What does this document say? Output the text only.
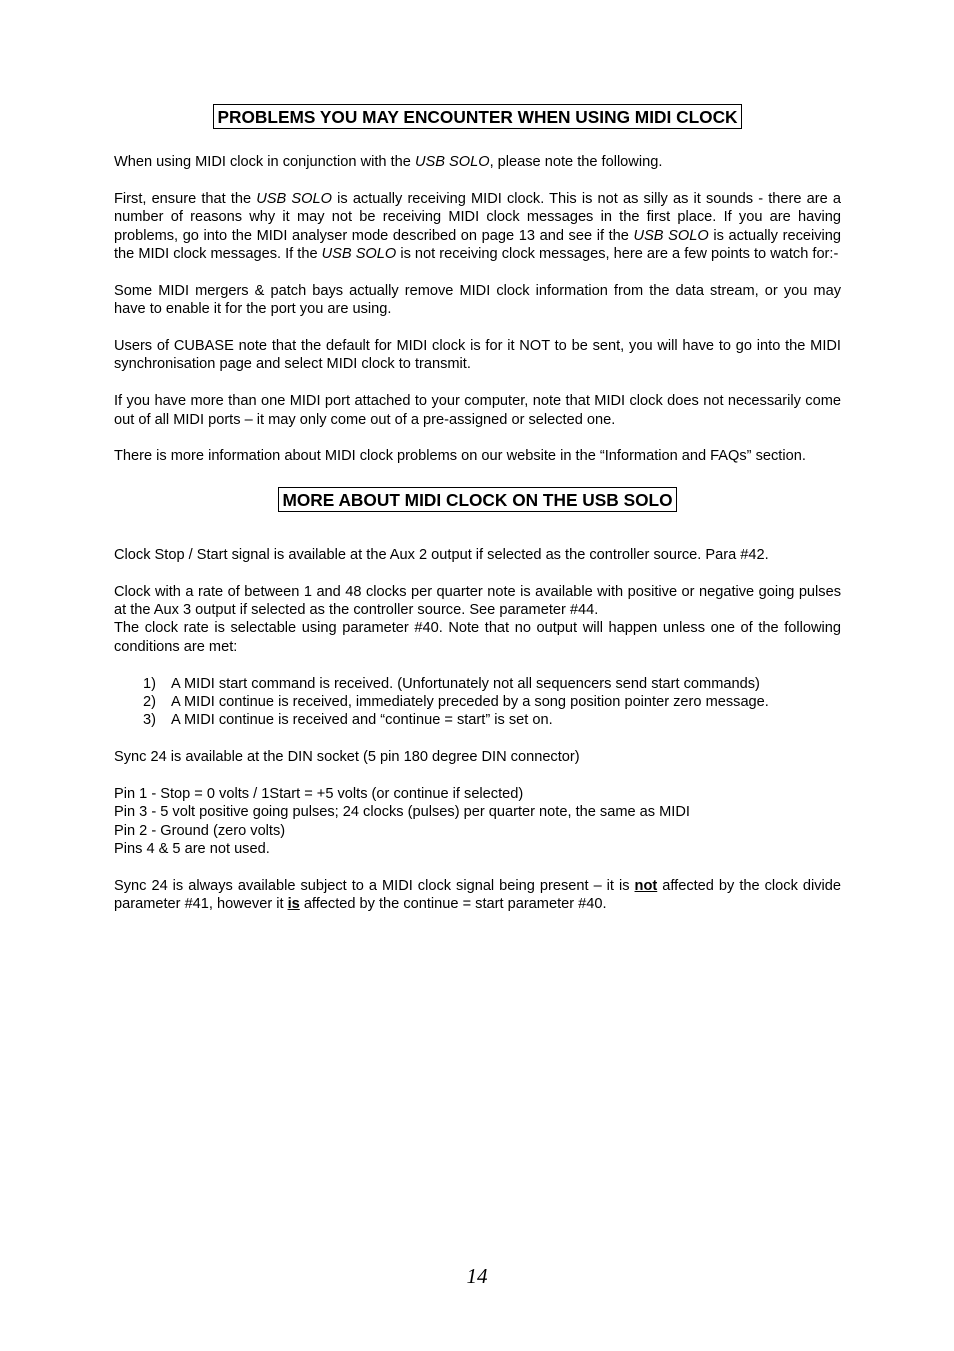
PROBLEMS YOU MAY ENCOUNTER WHEN USING MIDI CLOCK

When using MIDI clock in conjunction with the USB SOLO, please note the following.

First, ensure that the USB SOLO is actually receiving MIDI clock. This is not as silly as it sounds - there are a number of reasons why it may not be receiving MIDI clock messages in the first place. If you are having problems, go into the MIDI analyser mode described on page 13 and see if the USB SOLO is actually receiving the MIDI clock messages. If the USB SOLO is not receiving clock messages, here are a few points to watch for:-

Some MIDI mergers & patch bays actually remove MIDI clock information from the data stream, or you may have to enable it for the port you are using.

Users of CUBASE note that the default for MIDI clock is for it NOT to be sent, you will have to go into the MIDI synchronisation page and select MIDI clock to transmit.

If you have more than one MIDI port attached to your computer, note that MIDI clock does not necessarily come out of all MIDI ports – it may only come out of a pre-assigned or selected one.

There is more information about MIDI clock problems on our website in the “Information and FAQs” section.

MORE ABOUT MIDI CLOCK ON THE USB SOLO

Clock Stop / Start signal is available at the Aux 2 output if selected as the controller source. Para #42.

Clock with a rate of between 1 and 48 clocks per quarter note is available with positive or negative going pulses at the Aux 3 output if selected as the controller source. See parameter #44.

The clock rate is selectable using parameter #40. Note that no output will happen unless one of the following conditions are met:

1) A MIDI start command is received. (Unfortunately not all sequencers send start commands)
2) A MIDI continue is received, immediately preceded by a song position pointer zero message.
3) A MIDI continue is received and “continue = start” is set on.

Sync 24 is available at the DIN socket (5 pin 180 degree DIN connector)

Pin 1 - Stop = 0 volts / 1Start = +5 volts (or continue if selected)

Pin 3 - 5 volt positive going pulses; 24 clocks (pulses) per quarter note, the same as MIDI

Pin 2 - Ground (zero volts)

Pins 4 & 5 are not used.

Sync 24 is always available subject to a MIDI clock signal being present – it is not affected by the clock divide parameter #41, however it is affected by the continue = start parameter #40.

14
